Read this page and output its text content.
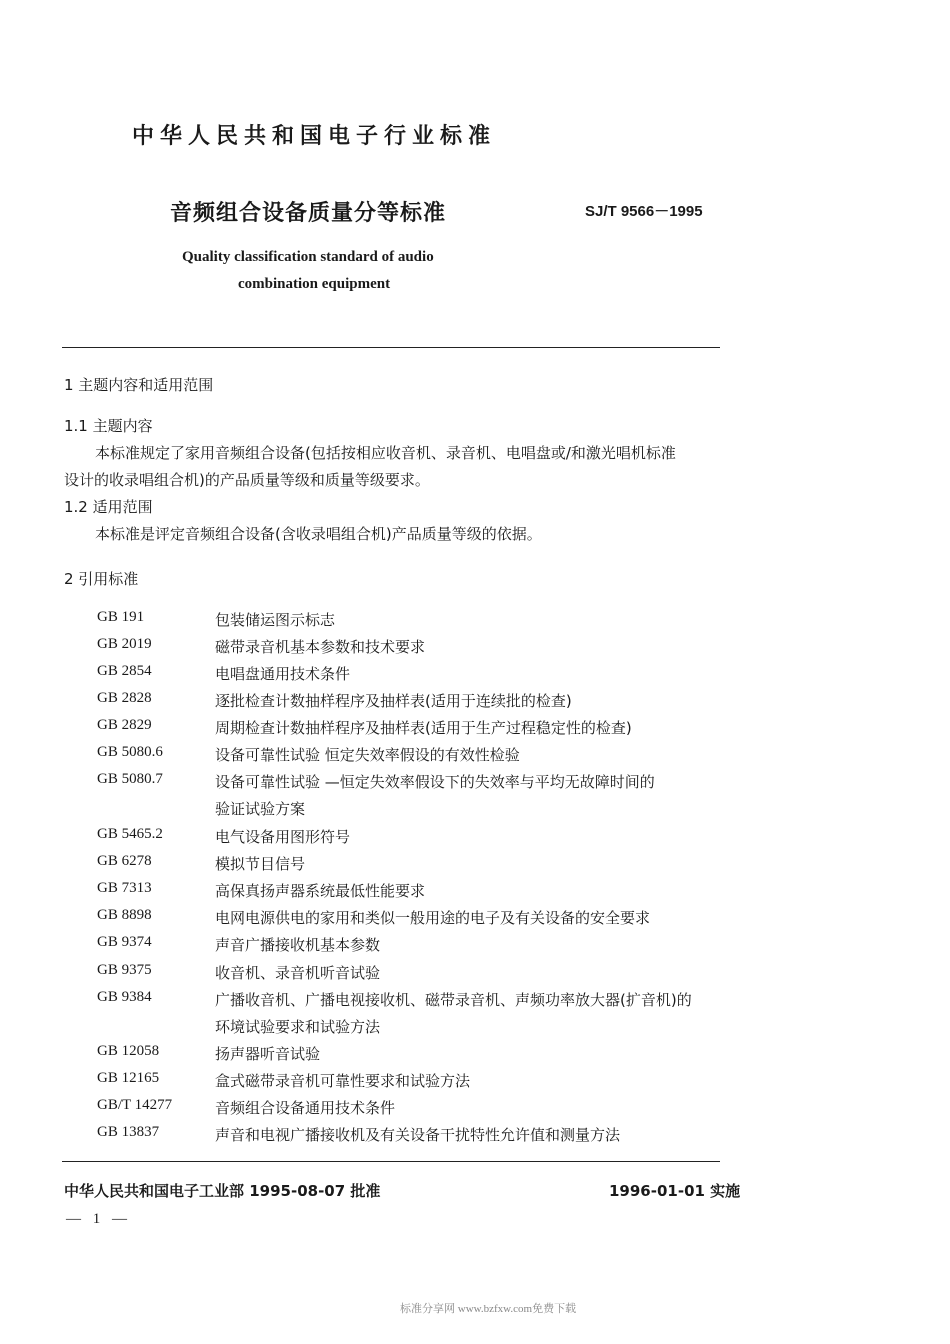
中华人民共和国电子行业标准
音频组合设备质量分等标准	SJ/T 9566－1995
Quality classification standard of audio
combination equipment
1 主题内容和适用范围
1.1 主题内容
本标准规定了家用音频组合设备(包括按相应收音机、录音机、电唱盘或/和激光唱机标准
设计的收录唱组合机)的产品质量等级和质量等级要求。
1.2 适用范围
本标准是评定音频组合设备(含收录唱组合机)产品质量等级的依据。
2 引用标准
GB 191	包装储运图示标志
GB 2019	磁带录音机基本参数和技术要求
GB 2854	电唱盘通用技术条件
GB 2828	逐批检查计数抽样程序及抽样表(适用于连续批的检查)
GB 2829	周期检查计数抽样程序及抽样表(适用于生产过程稳定性的检查)
GB 5080.6	设备可靠性试验 恒定失效率假设的有效性检验
GB 5080.7	设备可靠性试验 —恒定失效率假设下的失效率与平均无故障时间的
验证试验方案
GB 5465.2	电气设备用图形符号
GB 6278	模拟节目信号
GB 7313	高保真扬声器系统最低性能要求
GB 8898	电网电源供电的家用和类似一般用途的电子及有关设备的安全要求
GB 9374	声音广播接收机基本参数
GB 9375	收音机、录音机听音试验
GB 9384	广播收音机、广播电视接收机、磁带录音机、声频功率放大器(扩音机)的
环境试验要求和试验方法
GB 12058	扬声器听音试验
GB 12165	盒式磁带录音机可靠性要求和试验方法
GB/T 14277	音频组合设备通用技术条件
GB 13837	声音和电视广播接收机及有关设备干扰特性允许值和测量方法
中华人民共和国电子工业部 1995-08-07 批准	1996-01-01 实施
— 1 —
标准分享网 www.bzfxw.com免费下载
